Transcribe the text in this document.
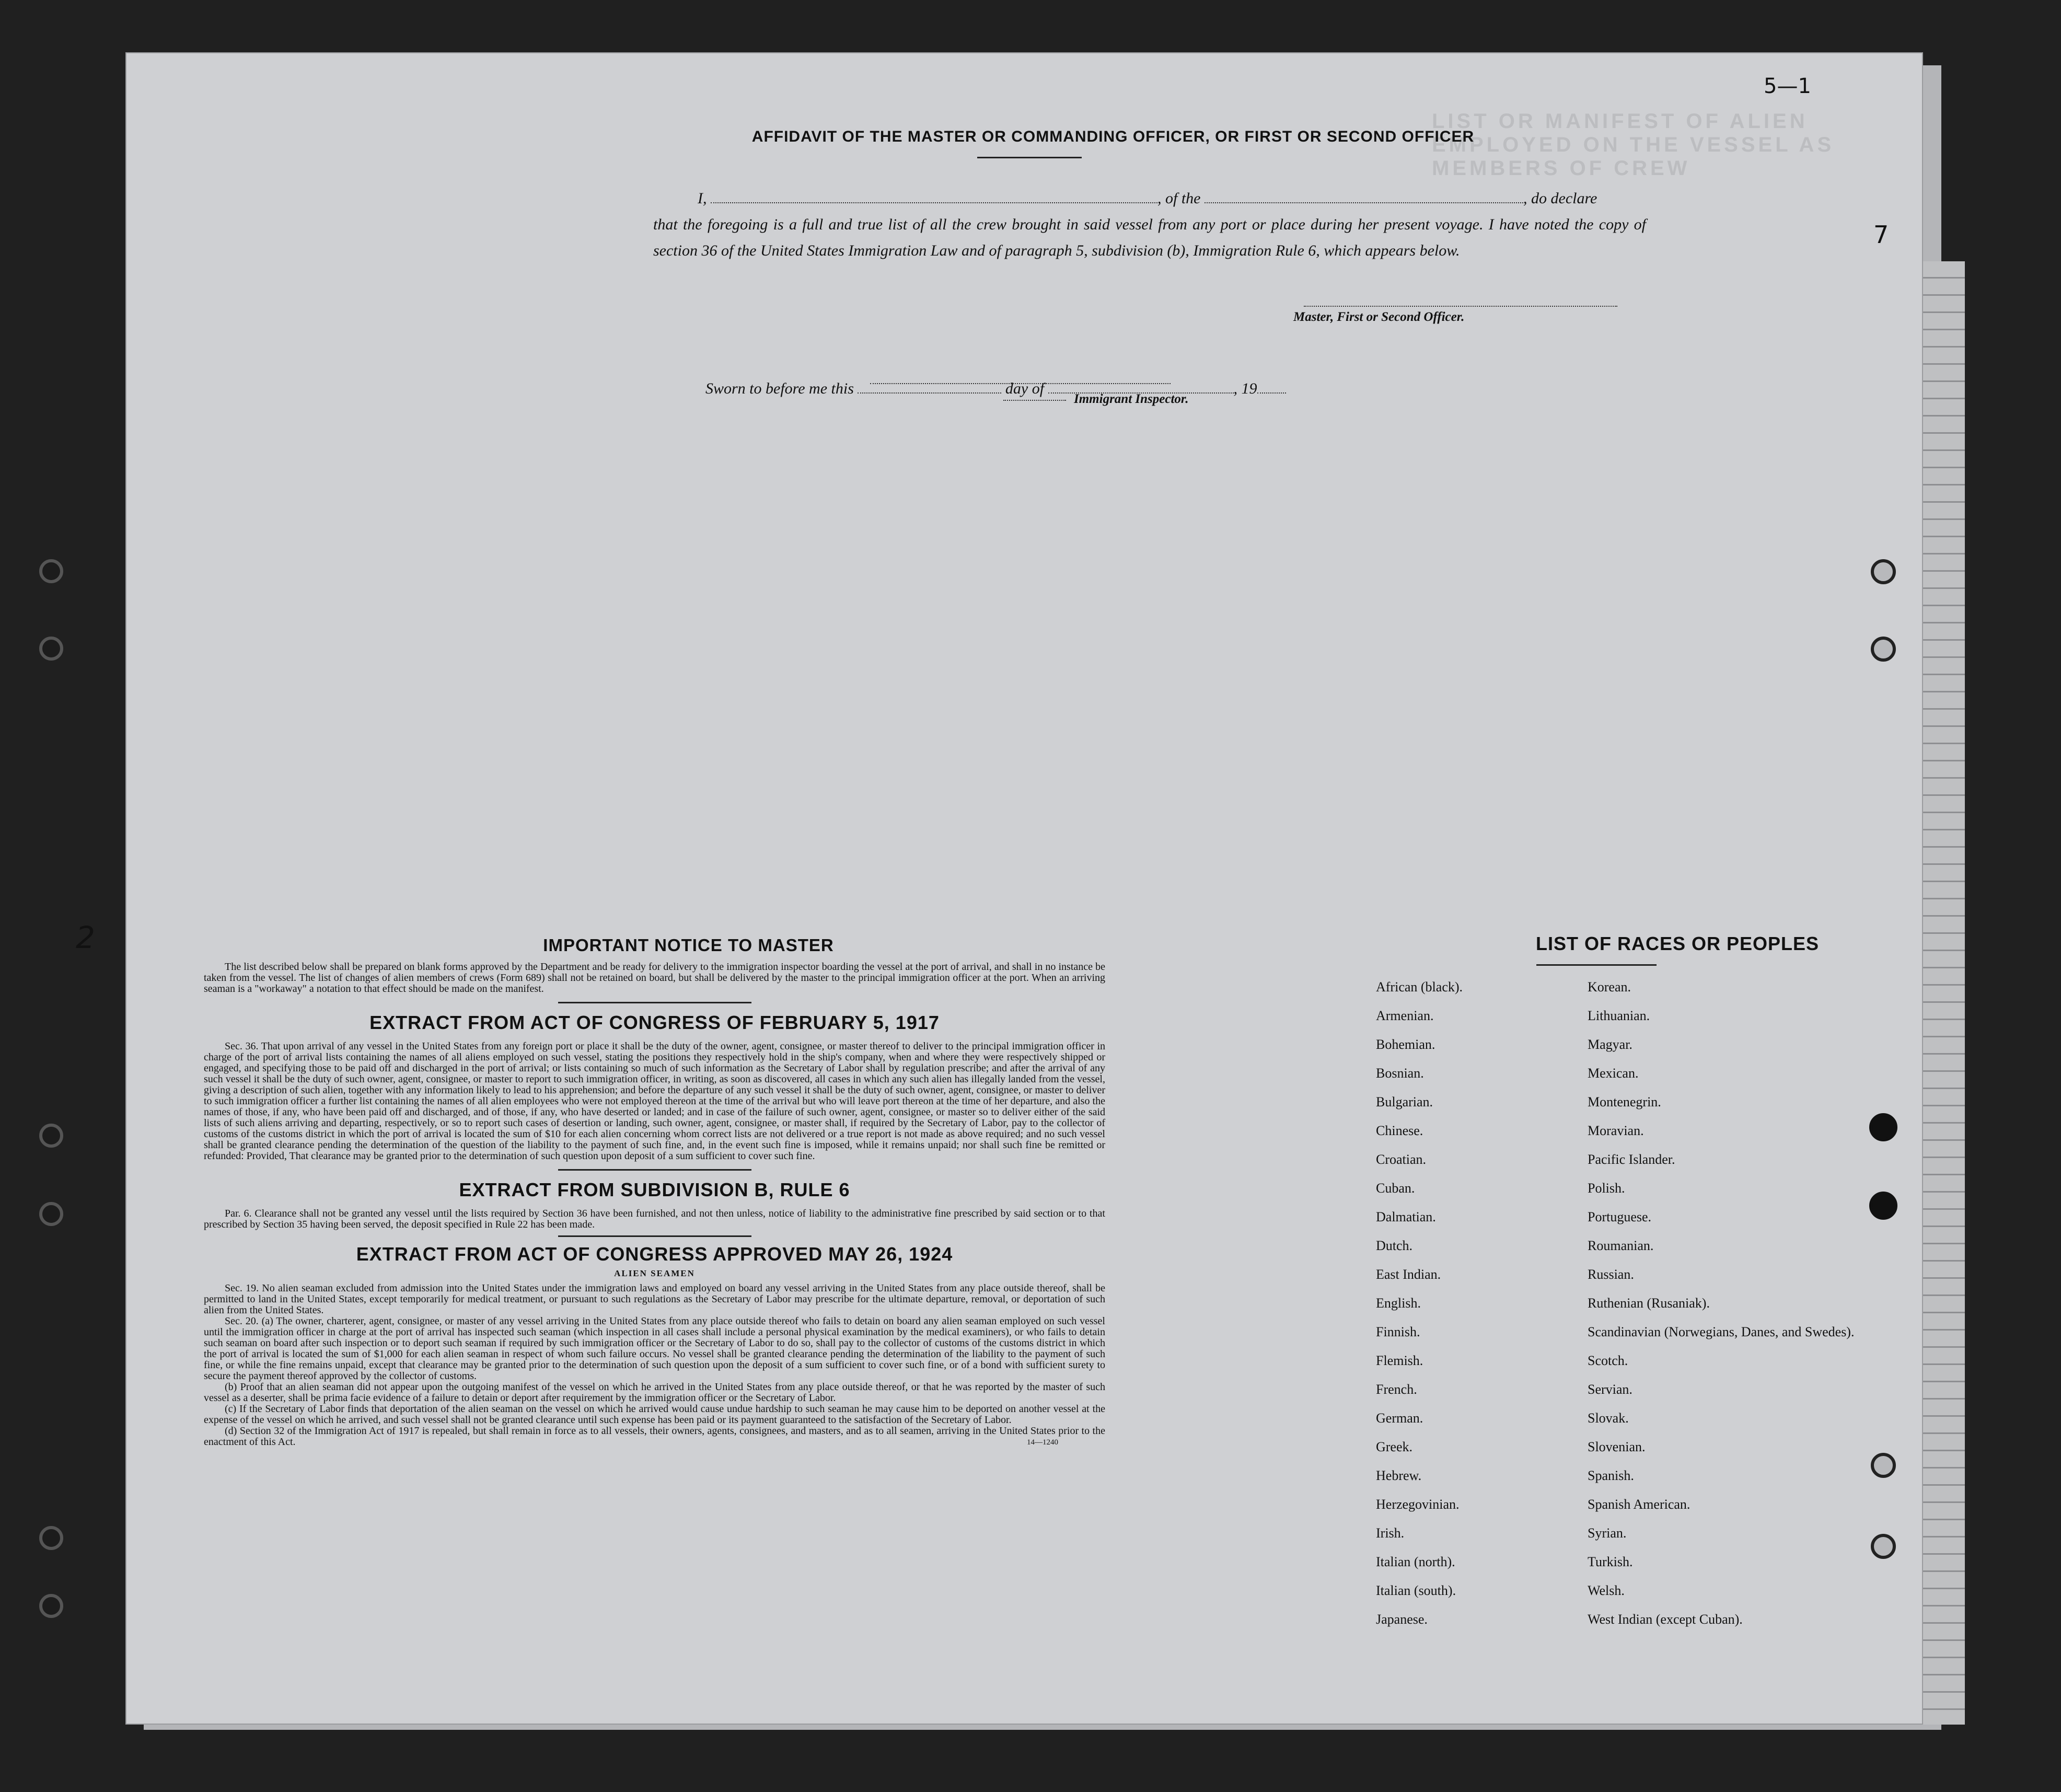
LIST OR MANIFEST OF ALIEN EMPLOYED ON THE VESSEL AS MEMBERS OF CREW
5—1
7
2
AFFIDAVIT OF THE MASTER OR COMMANDING OFFICER, OR FIRST OR SECOND OFFICER
I,	, of the	, do declare
that the foregoing is a full and true list of all the crew brought in said vessel from any port or place during her present voyage. I have noted the copy of section 36 of the United States Immigration Law and of paragraph 5, subdivision (b), Immigration Rule 6, which appears below.
Master, First or Second Officer.
Sworn to before me this	day of	, 19
Immigrant Inspector.

IMPORTANT NOTICE TO MASTER

The list described below shall be prepared on blank forms approved by the Department and be ready for delivery to the immigration inspector boarding the vessel at the port of arrival, and shall in no instance be taken from the vessel. The list of changes of alien members of crews (Form 689) shall not be retained on board, but shall be delivered by the master to the principal immigration officer at the port. When an arriving seaman is a "workaway" a notation to that effect should be made on the manifest.

EXTRACT FROM ACT OF CONGRESS OF FEBRUARY 5, 1917

Sec. 36. That upon arrival of any vessel in the United States from any foreign port or place it shall be the duty of the owner, agent, consignee, or master thereof to deliver to the principal immigration officer in charge of the port of arrival lists containing the names of all aliens employed on such vessel, stating the positions they respectively hold in the ship's company, when and where they were respectively shipped or engaged, and specifying those to be paid off and discharged in the port of arrival; or lists containing so much of such information as the Secretary of Labor shall by regulation prescribe; and after the arrival of any such vessel it shall be the duty of such owner, agent, consignee, or master to report to such immigration officer, in writing, as soon as discovered, all cases in which any such alien has illegally landed from the vessel, giving a description of such alien, together with any information likely to lead to his apprehension; and before the departure of any such vessel it shall be the duty of such owner, agent, consignee, or master to deliver to such immigration officer a further list containing the names of all alien employees who were not employed thereon at the time of the arrival but who will leave port thereon at the time of her departure, and also the names of those, if any, who have been paid off and discharged, and of those, if any, who have deserted or landed; and in case of the failure of such owner, agent, consignee, or master so to deliver either of the said lists of such aliens arriving and departing, respectively, or so to report such cases of desertion or landing, such owner, agent, consignee, or master shall, if required by the Secretary of Labor, pay to the collector of customs of the customs district in which the port of arrival is located the sum of $10 for each alien concerning whom correct lists are not delivered or a true report is not made as above required; and no such vessel shall be granted clearance pending the determination of the question of the liability to the payment of such fine, and, in the event such fine is imposed, while it remains unpaid; nor shall such fine be remitted or refunded: Provided, That clearance may be granted prior to the determination of such question upon deposit of a sum sufficient to cover such fine.

EXTRACT FROM SUBDIVISION B, RULE 6

Par. 6. Clearance shall not be granted any vessel until the lists required by Section 36 have been furnished, and not then unless, notice of liability to the administrative fine prescribed by said section or to that prescribed by Section 35 having been served, the deposit specified in Rule 22 has been made.

EXTRACT FROM ACT OF CONGRESS APPROVED MAY 26, 1924

ALIEN SEAMEN

Sec. 19. No alien seaman excluded from admission into the United States under the immigration laws and employed on board any vessel arriving in the United States from any place outside thereof, shall be permitted to land in the United States, except temporarily for medical treatment, or pursuant to such regulations as the Secretary of Labor may prescribe for the ultimate departure, removal, or deportation of such alien from the United States.

Sec. 20. (a) The owner, charterer, agent, consignee, or master of any vessel arriving in the United States from any place outside thereof who fails to detain on board any alien seaman employed on such vessel until the immigration officer in charge at the port of arrival has inspected such seaman (which inspection in all cases shall include a personal physical examination by the medical examiners), or who fails to detain such seaman on board after such inspection or to deport such seaman if required by such immigration officer or the Secretary of Labor to do so, shall pay to the collector of customs of the customs district in which the port of arrival is located the sum of $1,000 for each alien seaman in respect of whom such failure occurs. No vessel shall be granted clearance pending the determination of the liability to the payment of such fine, or while the fine remains unpaid, except that clearance may be granted prior to the determination of such question upon the deposit of a sum sufficient to cover such fine, or of a bond with sufficient surety to secure the payment thereof approved by the collector of customs.

(b) Proof that an alien seaman did not appear upon the outgoing manifest of the vessel on which he arrived in the United States from any place outside thereof, or that he was reported by the master of such vessel as a deserter, shall be prima facie evidence of a failure to detain or deport after requirement by the immigration officer or the Secretary of Labor.

(c) If the Secretary of Labor finds that deportation of the alien seaman on the vessel on which he arrived would cause undue hardship to such seaman he may cause him to be deported on another vessel at the expense of the vessel on which he arrived, and such vessel shall not be granted clearance until such expense has been paid or its payment guaranteed to the satisfaction of the Secretary of Labor.

(d) Section 32 of the Immigration Act of 1917 is repealed, but shall remain in force as to all vessels, their owners, agents, consignees, and masters, and as to all seamen, arriving in the United States prior to the enactment of this Act.	14—1240

LIST OF RACES OR PEOPLES
African (black).
Armenian.
Bohemian.
Bosnian.
Bulgarian.
Chinese.
Croatian.
Cuban.
Dalmatian.
Dutch.
East Indian.
English.
Finnish.
Flemish.
French.
German.
Greek.
Hebrew.
Herzegovinian.
Irish.
Italian (north).
Italian (south).
Japanese.
Korean.
Lithuanian.
Magyar.
Mexican.
Montenegrin.
Moravian.
Pacific Islander.
Polish.
Portuguese.
Roumanian.
Russian.
Ruthenian (Rusaniak).
Scandinavian (Norwegians, Danes, and Swedes).
Scotch.
Servian.
Slovak.
Slovenian.
Spanish.
Spanish American.
Syrian.
Turkish.
Welsh.
West Indian (except Cuban).
